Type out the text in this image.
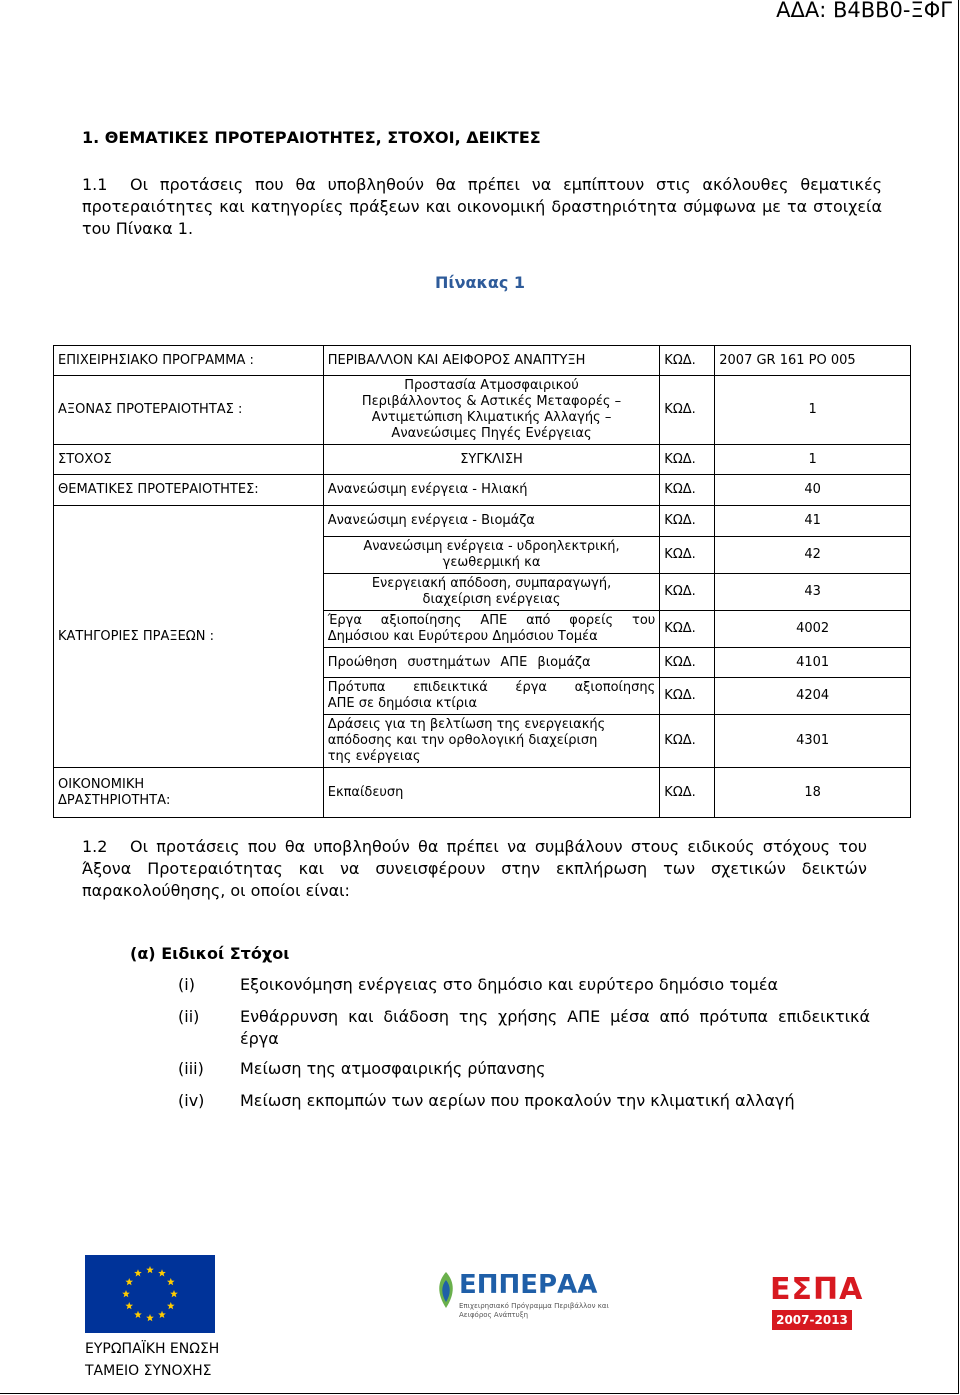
ΑΔΑ: Β4ΒΒ0-ΞΦΓ
1. ΘΕΜΑΤΙΚΕΣ ΠΡΟΤΕΡΑΙΟΤΗΤΕΣ, ΣΤΟΧΟΙ, ΔΕΙΚΤΕΣ
1.1	Οι προτάσεις που θα υποβληθούν θα πρέπει να εμπίπτουν στις ακόλουθες θεματικές προτεραιότητες και κατηγορίες πράξεων και οικονομική δραστηριότητα σύμφωνα με τα στοιχεία του Πίνακα 1.
Πίνακας 1
ΕΠΙΧΕΙΡΗΣΙΑΚΟ ΠΡΟΓΡΑΜΜΑ :	ΠΕΡΙΒΑΛΛΟΝ ΚΑΙ ΑΕΙΦΟΡΟΣ ΑΝΑΠΤΥΞΗ	ΚΩΔ.	2007 GR 161 PO 005
ΑΞΟΝΑΣ ΠΡΟΤΕΡΑΙΟΤΗΤΑΣ :	Προστασία Ατμοσφαιρικού
Περιβάλλοντος & Αστικές Μεταφορές –
Αντιμετώπιση Κλιματικής Αλλαγής –
Ανανεώσιμες Πηγές Ενέργειας	ΚΩΔ.	1
ΣΤΟΧΟΣ	ΣΥΓΚΛΙΣΗ	ΚΩΔ.	1
ΘΕΜΑΤΙΚΕΣ ΠΡΟΤΕΡΑΙΟΤΗΤΕΣ:	Ανανεώσιμη ενέργεια - Ηλιακή	ΚΩΔ.	40
ΚΑΤΗΓΟΡΙΕΣ ΠΡΑΞΕΩΝ :	Ανανεώσιμη ενέργεια - Βιομάζα	ΚΩΔ.	41

	Ανανεώσιμη ενέργεια - υδροηλεκτρική,
γεωθερμική κα	ΚΩΔ.	42

	Ενεργειακή απόδοση, συμπαραγωγή,
διαχείριση ενέργειας	ΚΩΔ.	43

	Έργα αξιοποίησης ΑΠΕ από φορείς του
Δημόσιου και Ευρύτερου Δημόσιου Τομέα	ΚΩΔ.	4002
	Προώθηση συστημάτων ΑΠΕ βιομάζα	ΚΩΔ.	4101

	Πρότυπα επιδεικτικά έργα αξιοποίησης
ΑΠΕ σε δημόσια κτίρια	ΚΩΔ.	4204

	Δράσεις για τη βελτίωση της ενεργειακής
απόδοσης και την ορθολογική διαχείριση
της ενέργειας	ΚΩΔ.	4301

ΟΙΚΟΝΟΜΙΚΗ
ΔΡΑΣΤΗΡΙΟΤΗΤΑ:	Εκπαίδευση	ΚΩΔ.	18
1.2	Οι προτάσεις που θα υποβληθούν θα πρέπει να συμβάλουν στους ειδικούς στόχους του Άξονα Προτεραιότητας και να συνεισφέρουν στην εκπλήρωση των σχετικών δεικτών παρακολούθησης, οι οποίοι είναι:
(α) Ειδικοί Στόχοι
(i)	Εξοικονόμηση ενέργειας στο δημόσιο και ευρύτερο δημόσιο τομέα
(ii)	Ενθάρρυνση και διάδοση της χρήσης ΑΠΕ μέσα από πρότυπα επιδεικτικά έργα
(iii) Μείωση της ατμοσφαιρικής ρύπανσης
(iv) Μείωση εκπομπών των αερίων που προκαλούν την κλιματική αλλαγή
ΕΥΡΩΠΑΪΚΗ ΕΝΩΣΗ
ΤΑΜΕΙΟ ΣΥΝΟΧΗΣ
ΕΠΠΕΡΑΑ
Επιχειρησιακό Πρόγραμμα Περιβάλλον και Αειφόρος Ανάπτυξη
ΕΣΠΑ
2007-2013
